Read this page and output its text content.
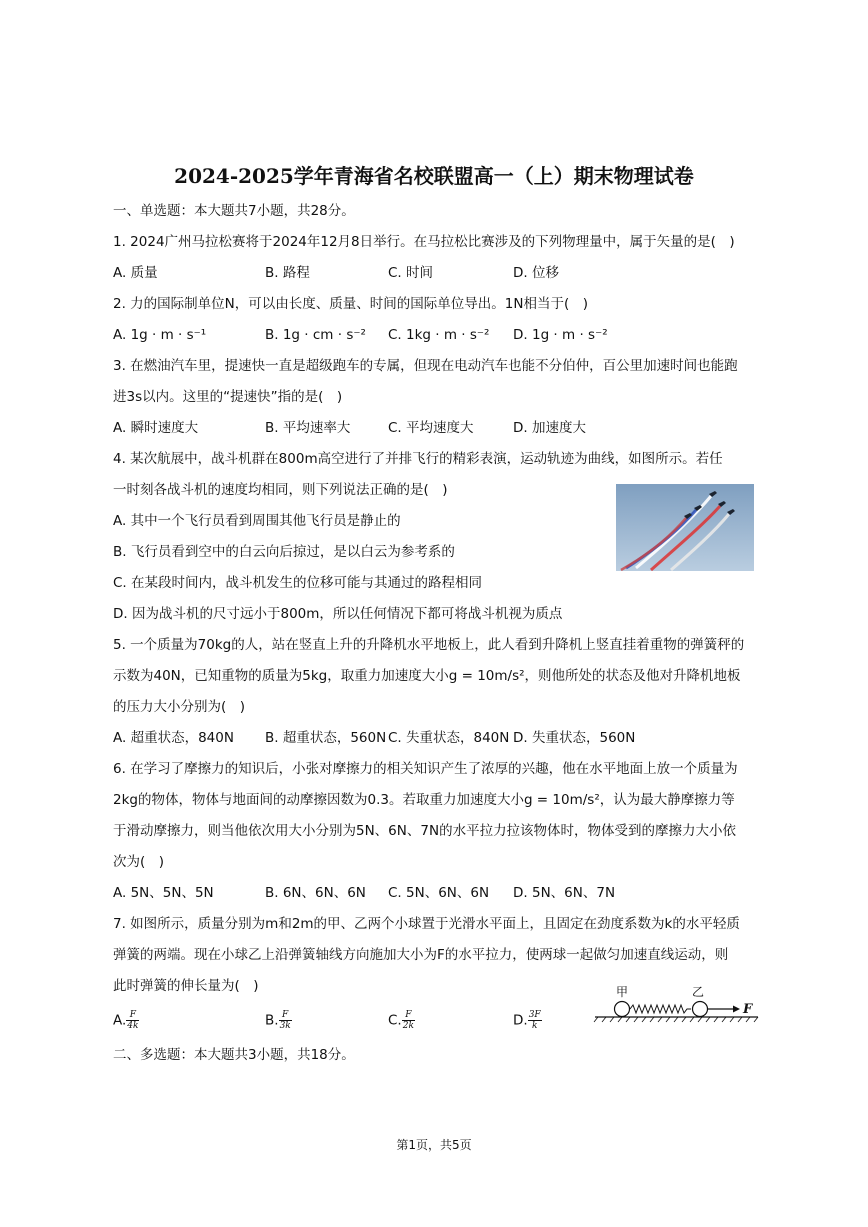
2024-2025学年青海省名校联盟高一（上）期末物理试卷
一、单选题：本大题共7小题，共28分。
1. 2024广州马拉松赛将于2024年12月8日举行。在马拉松比赛涉及的下列物理量中，属于矢量的是(　)
A. 质量	B. 路程	C. 时间	D. 位移
2. 力的国际制单位N，可以由长度、质量、时间的国际单位导出。1N相当于(　)
A. 1g · m · s⁻¹	B. 1g · cm · s⁻² C. 1kg · m · s⁻² D. 1g · m · s⁻²
3. 在燃油汽车里，提速快一直是超级跑车的专属，但现在电动汽车也能不分伯仲，百公里加速时间也能跑
进3s以内。这里的“提速快”指的是(　)
A. 瞬时速度大	B. 平均速率大	C. 平均速度大	D. 加速度大
4. 某次航展中，战斗机群在800m高空进行了并排飞行的精彩表演，运动轨迹为曲线，如图所示。若任
一时刻各战斗机的速度均相同，则下列说法正确的是(　)
A. 其中一个飞行员看到周围其他飞行员是静止的
B. 飞行员看到空中的白云向后掠过，是以白云为参考系的
C. 在某段时间内，战斗机发生的位移可能与其通过的路程相同
D. 因为战斗机的尺寸远小于800m，所以任何情况下都可将战斗机视为质点
5. 一个质量为70kg的人，站在竖直上升的升降机水平地板上，此人看到升降机上竖直挂着重物的弹簧秤的
示数为40N，已知重物的质量为5kg，取重力加速度大小g = 10m/s²，则他所处的状态及他对升降机地板
的压力大小分别为(　)
A. 超重状态，840N B. 超重状态，560N C. 失重状态，840N D. 失重状态，560N
6. 在学习了摩擦力的知识后，小张对摩擦力的相关知识产生了浓厚的兴趣，他在水平地面上放一个质量为
2kg的物体，物体与地面间的动摩擦因数为0.3。若取重力加速度大小g = 10m/s²，认为最大静摩擦力等
于滑动摩擦力，则当他依次用大小分别为5N、6N、7N的水平拉力拉该物体时，物体受到的摩擦力大小依
次为(　)
A. 5N、5N、5N	B. 6N、6N、6N C. 5N、6N、6N D. 5N、6N、7N
7. 如图所示，质量分别为m和2m的甲、乙两个小球置于光滑水平面上，且固定在劲度系数为k的水平轻质
弹簧的两端。现在小球乙上沿弹簧轴线方向施加大小为F的水平拉力，使两球一起做匀加速直线运动，则
此时弹簧的伸长量为(　)
A. $\frac{F}{4k}$	B. $\frac{F}{3k}$	C. $\frac{F}{2k}$	D. $\frac{3F}{k}$
甲	乙
F
二、多选题：本大题共3小题，共18分。
第1页，共5页
